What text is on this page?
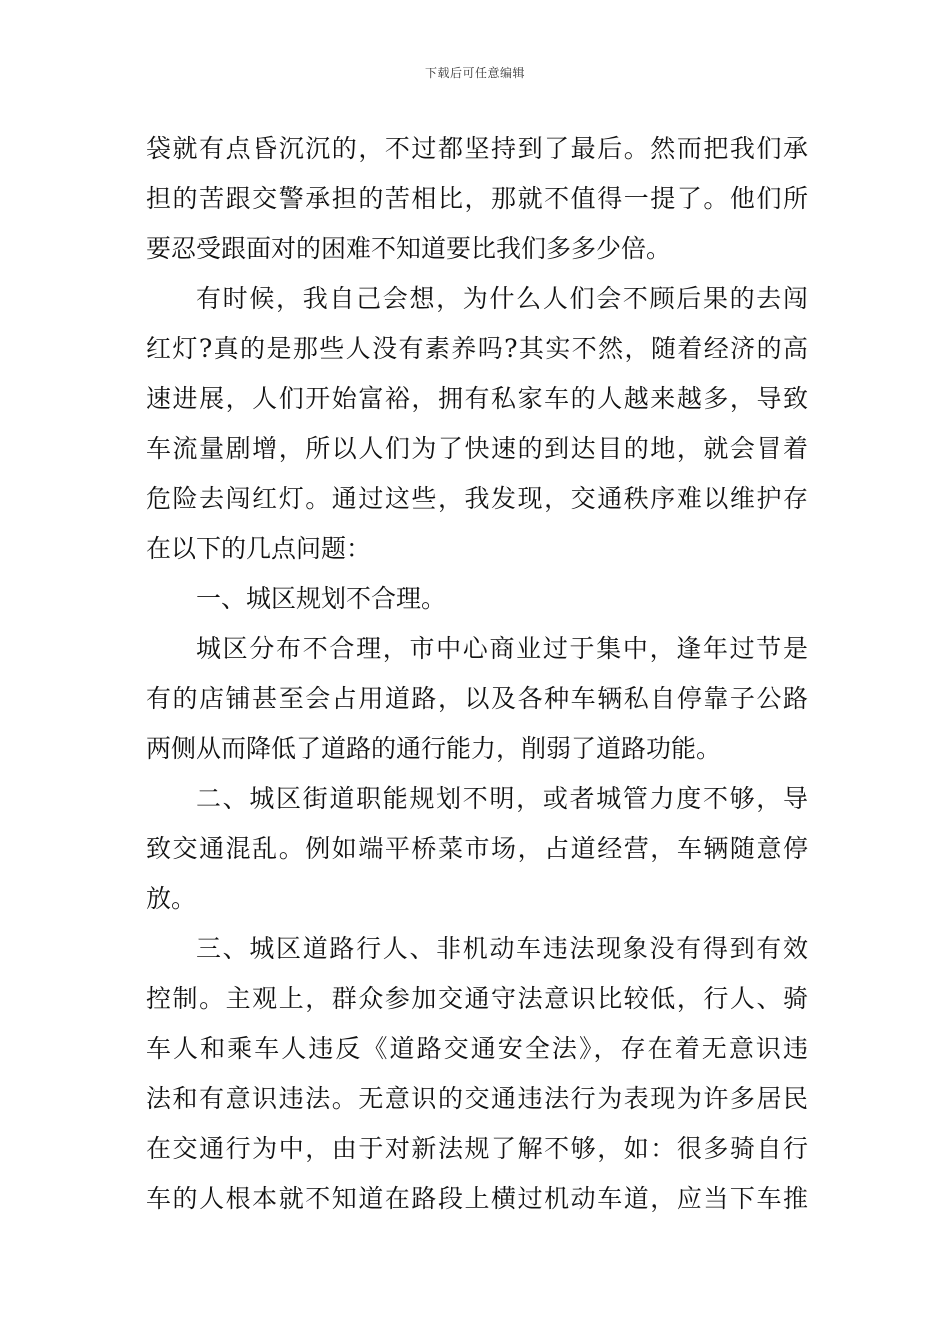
下载后可任意编辑
袋就有点昏沉沉的，不过都坚持到了最后。然而把我们承
担的苦跟交警承担的苦相比，那就不值得一提了。他们所
要忍受跟面对的困难不知道要比我们多多少倍。
有时候，我自己会想，为什么人们会不顾后果的去闯
红灯?真的是那些人没有素养吗?其实不然，随着经济的高
速进展，人们开始富裕，拥有私家车的人越来越多，导致
车流量剧增，所以人们为了快速的到达目的地，就会冒着
危险去闯红灯。通过这些，我发现，交通秩序难以维护存
在以下的几点问题：
一、城区规划不合理。
城区分布不合理，市中心商业过于集中，逢年过节是
有的店铺甚至会占用道路，以及各种车辆私自停靠子公路
两侧从而降低了道路的通行能力，削弱了道路功能。
二、城区街道职能规划不明，或者城管力度不够，导
致交通混乱。例如端平桥菜市场，占道经营，车辆随意停
放。
三、城区道路行人、非机动车违法现象没有得到有效
控制。主观上，群众参加交通守法意识比较低，行人、骑
车人和乘车人违反《道路交通安全法》，存在着无意识违
法和有意识违法。无意识的交通违法行为表现为许多居民
在交通行为中，由于对新法规了解不够，如：很多骑自行
车的人根本就不知道在路段上横过机动车道，应当下车推
